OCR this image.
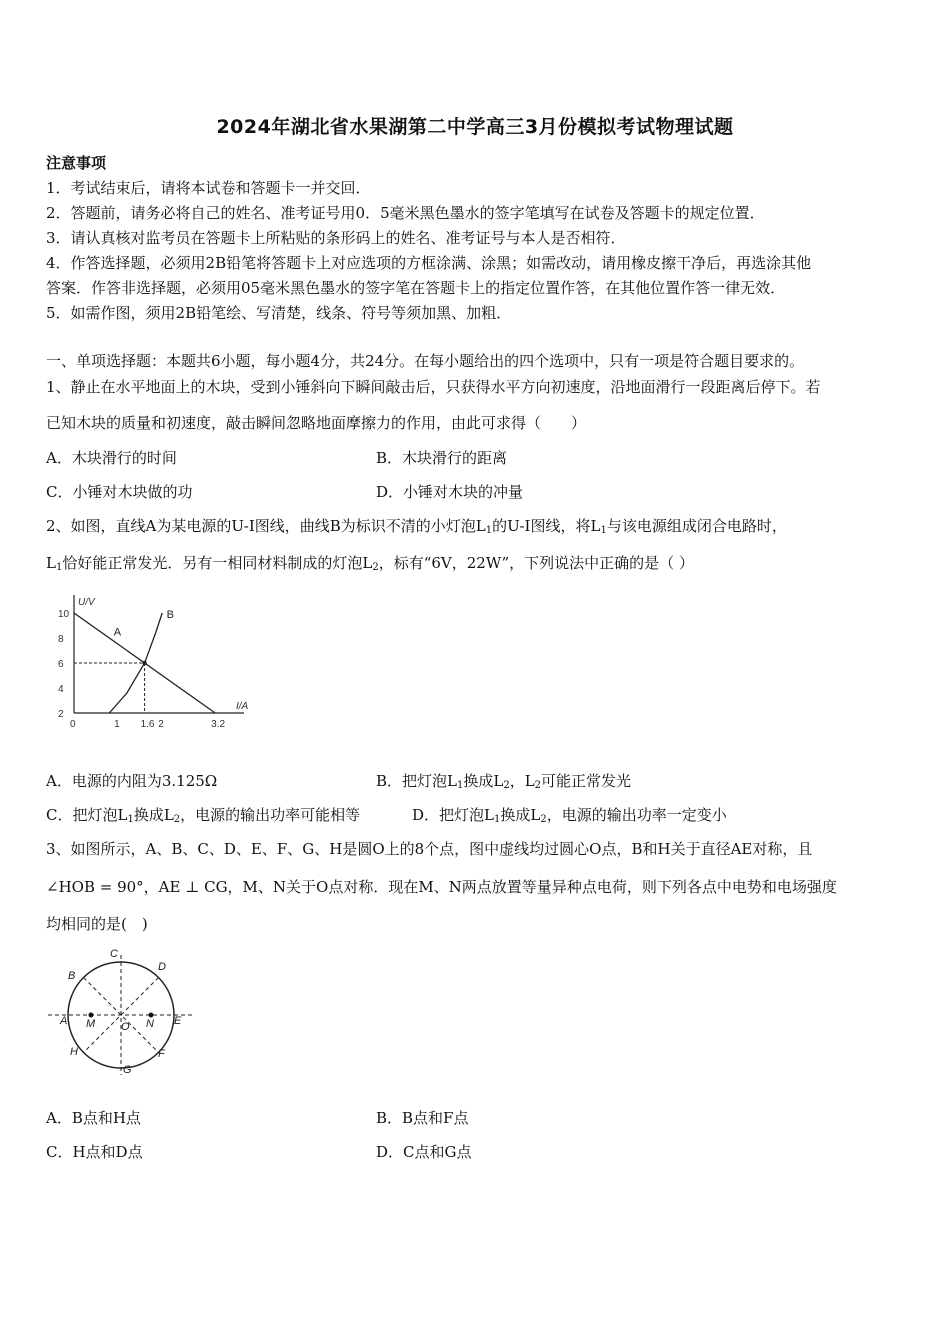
2024年湖北省水果湖第二中学高三3月份模拟考试物理试题
注意事项
1．考试结束后，请将本试卷和答题卡一并交回．
2．答题前，请务必将自己的姓名、准考证号用0．5毫米黑色墨水的签字笔填写在试卷及答题卡的规定位置．
3．请认真核对监考员在答题卡上所粘贴的条形码上的姓名、准考证号与本人是否相符．
4．作答选择题，必须用2B铅笔将答题卡上对应选项的方框涂满、涂黑；如需改动，请用橡皮擦干净后，再选涂其他
答案．作答非选择题，必须用05毫米黑色墨水的签字笔在答题卡上的指定位置作答，在其他位置作答一律无效．
5．如需作图，须用2B铅笔绘、写清楚，线条、符号等须加黑、加粗．
一、单项选择题：本题共6小题，每小题4分，共24分。在每小题给出的四个选项中，只有一项是符合题目要求的。
1、静止在水平地面上的木块，受到小锤斜向下瞬间敲击后，只获得水平方向初速度，沿地面滑行一段距离后停下。若
已知木块的质量和初速度，敲击瞬间忽略地面摩擦力的作用，由此可求得（　　）
A．木块滑行的时间	B．木块滑行的距离
C．小锤对木块做的功	D．小锤对木块的冲量
2、如图，直线A为某电源的U-I图线，曲线B为标识不清的小灯泡$L_1$的U-I图线，将$L_1$与该电源组成闭合电路时，
$L_1$恰好能正常发光．另有一相同材料制成的灯泡$L_2$，标有“6V，22W”，下列说法中正确的是（ ）
U/V
I/A
10
8
6
4
2
0	1 1.6 2	3.2
A
B
A．电源的内阻为3.125Ω	B．把灯泡$L_1$换成$L_2$，$L_2$可能正常发光
C．把灯泡$L_1$换成$L_2$，电源的输出功率可能相等	D．把灯泡$L_1$换成$L_2$，电源的输出功率一定变小
3、如图所示，A、B、C、D、E、F、G、H是圆O上的8个点，图中虚线均过圆心O点，B和H关于直径AE对称，且
∠HOB = 90°，AE ⊥ CG，M、N关于O点对称．现在M、N两点放置等量异种点电荷，则下列各点中电势和电场强度
均相同的是(　)
C
D
B
A M O N E
H	F
G
A．B点和H点	B．B点和F点
C．H点和D点	D．C点和G点
